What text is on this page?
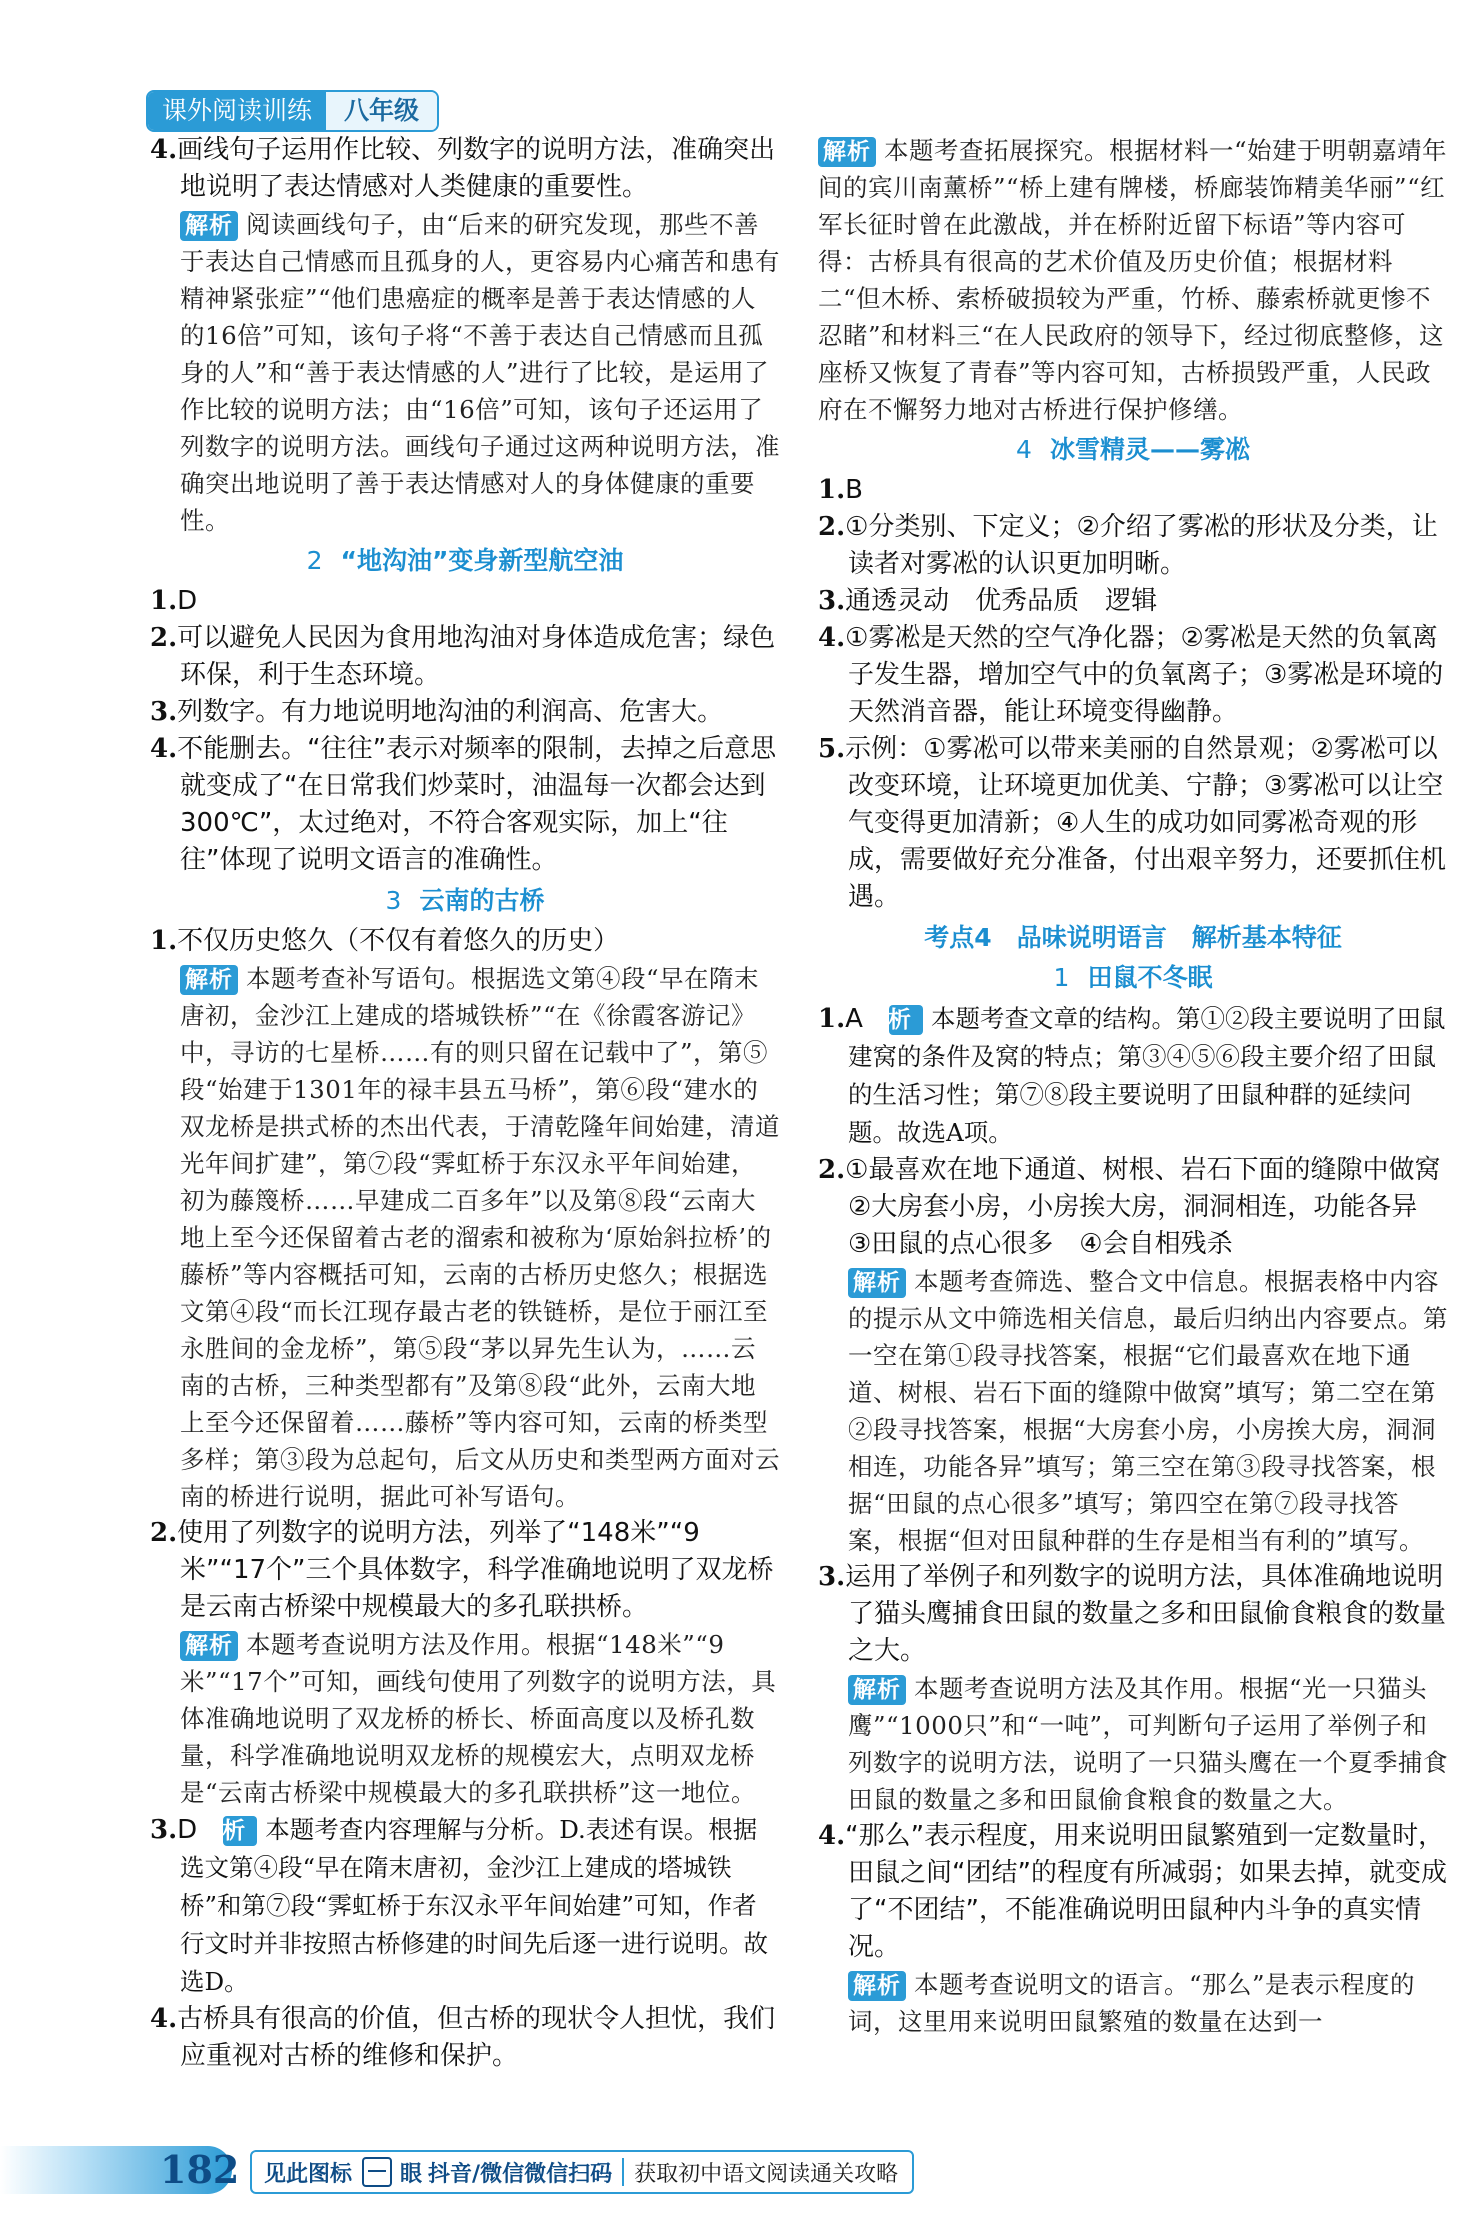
课外阅读训练	八年级

4.画线句子运用作比较、列数字的说明方法，准确突出地说明了表达情感对人类健康的重要性。

解析 阅读画线句子，由“后来的研究发现，那些不善于表达自己情感而且孤身的人，更容易内心痛苦和患有精神紧张症”“他们患癌症的概率是善于表达情感的人的16倍”可知，该句子将“不善于表达自己情感而且孤身的人”和“善于表达情感的人”进行了比较，是运用了作比较的说明方法；由“16倍”可知，该句子还运用了列数字的说明方法。画线句子通过这两种说明方法，准确突出地说明了善于表达情感对人的身体健康的重要性。

2 “地沟油”变身新型航空油

1.D

2.可以避免人民因为食用地沟油对身体造成危害；绿色环保，利于生态环境。

3.列数字。有力地说明地沟油的利润高、危害大。

4.不能删去。“往往”表示对频率的限制，去掉之后意思就变成了“在日常我们炒菜时，油温每一次都会达到300℃”，太过绝对，不符合客观实际，加上“往往”体现了说明文语言的准确性。

3 云南的古桥

1.不仅历史悠久（不仅有着悠久的历史）

解析 本题考查补写语句。根据选文第④段“早在隋末唐初，金沙江上建成的塔城铁桥”“在《徐霞客游记》中，寻访的七星桥……有的则只留在记载中了”，第⑤段“始建于1301年的禄丰县五马桥”，第⑥段“建水的双龙桥是拱式桥的杰出代表，于清乾隆年间始建，清道光年间扩建”，第⑦段“霁虹桥于东汉永平年间始建，初为藤篾桥……早建成二百多年”以及第⑧段“云南大地上至今还保留着古老的溜索和被称为‘原始斜拉桥’的藤桥”等内容概括可知，云南的古桥历史悠久；根据选文第④段“而长江现存最古老的铁链桥，是位于丽江至永胜间的金龙桥”，第⑤段“茅以昇先生认为，……云南的古桥，三种类型都有”及第⑧段“此外，云南大地上至今还保留着……藤桥”等内容可知，云南的桥类型多样；第③段为总起句，后文从历史和类型两方面对云南的桥进行说明，据此可补写语句。

2.使用了列数字的说明方法，列举了“148米”“9米”“17个”三个具体数字，科学准确地说明了双龙桥是云南古桥梁中规模最大的多孔联拱桥。

解析 本题考查说明方法及作用。根据“148米”“9米”“17个”可知，画线句使用了列数字的说明方法，具体准确地说明了双龙桥的桥长、桥面高度以及桥孔数量，科学准确地说明双龙桥的规模宏大，点明双龙桥是“云南古桥梁中规模最大的多孔联拱桥”这一地位。

3.D　解析 本题考查内容理解与分析。D.表述有误。根据选文第④段“早在隋末唐初，金沙江上建成的塔城铁桥”和第⑦段“霁虹桥于东汉永平年间始建”可知，作者行文时并非按照古桥修建的时间先后逐一进行说明。故选D。

4.古桥具有很高的价值，但古桥的现状令人担忧，我们应重视对古桥的维修和保护。

解析 本题考查拓展探究。根据材料一“始建于明朝嘉靖年间的宾川南薰桥”“桥上建有牌楼，桥廊装饰精美华丽”“红军长征时曾在此激战，并在桥附近留下标语”等内容可得：古桥具有很高的艺术价值及历史价值；根据材料二“但木桥、索桥破损较为严重，竹桥、藤索桥就更惨不忍睹”和材料三“在人民政府的领导下，经过彻底整修，这座桥又恢复了青春”等内容可知，古桥损毁严重，人民政府在不懈努力地对古桥进行保护修缮。

4 冰雪精灵——雾凇

1.B

2.①分类别、下定义；②介绍了雾凇的形状及分类，让读者对雾凇的认识更加明晰。

3.通透灵动　优秀品质　逻辑

4.①雾凇是天然的空气净化器；②雾凇是天然的负氧离子发生器，增加空气中的负氧离子；③雾凇是环境的天然消音器，能让环境变得幽静。

5.示例：①雾凇可以带来美丽的自然景观；②雾凇可以改变环境，让环境更加优美、宁静；③雾凇可以让空气变得更加清新；④人生的成功如同雾凇奇观的形成，需要做好充分准备，付出艰辛努力，还要抓住机遇。

考点4　品味说明语言　解析基本特征

1 田鼠不冬眠

1.A　解析 本题考查文章的结构。第①②段主要说明了田鼠建窝的条件及窝的特点；第③④⑤⑥段主要介绍了田鼠的生活习性；第⑦⑧段主要说明了田鼠种群的延续问题。故选A项。

2.①最喜欢在地下通道、树根、岩石下面的缝隙中做窝　②大房套小房，小房挨大房，洞洞相连，功能各异　③田鼠的点心很多　④会自相残杀

解析 本题考查筛选、整合文中信息。根据表格中内容的提示从文中筛选相关信息，最后归纳出内容要点。第一空在第①段寻找答案，根据“它们最喜欢在地下通道、树根、岩石下面的缝隙中做窝”填写；第二空在第②段寻找答案，根据“大房套小房，小房挨大房，洞洞相连，功能各异”填写；第三空在第③段寻找答案，根据“田鼠的点心很多”填写；第四空在第⑦段寻找答案，根据“但对田鼠种群的生存是相当有利的”填写。

3.运用了举例子和列数字的说明方法，具体准确地说明了猫头鹰捕食田鼠的数量之多和田鼠偷食粮食的数量之大。

解析 本题考查说明方法及其作用。根据“光一只猫头鹰”“1000只”和“一吨”，可判断句子运用了举例子和列数字的说明方法，说明了一只猫头鹰在一个夏季捕食田鼠的数量之多和田鼠偷食粮食的数量之大。

4.“那么”表示程度，用来说明田鼠繁殖到一定数量时，田鼠之间“团结”的程度有所减弱；如果去掉，就变成了“不团结”，不能准确说明田鼠种内斗争的真实情况。

解析 本题考查说明文的语言。“那么”是表示程度的词，这里用来说明田鼠繁殖的数量在达到一

182 见此图标 眼 抖音/微信微信扫码 获取初中语文阅读通关攻略
